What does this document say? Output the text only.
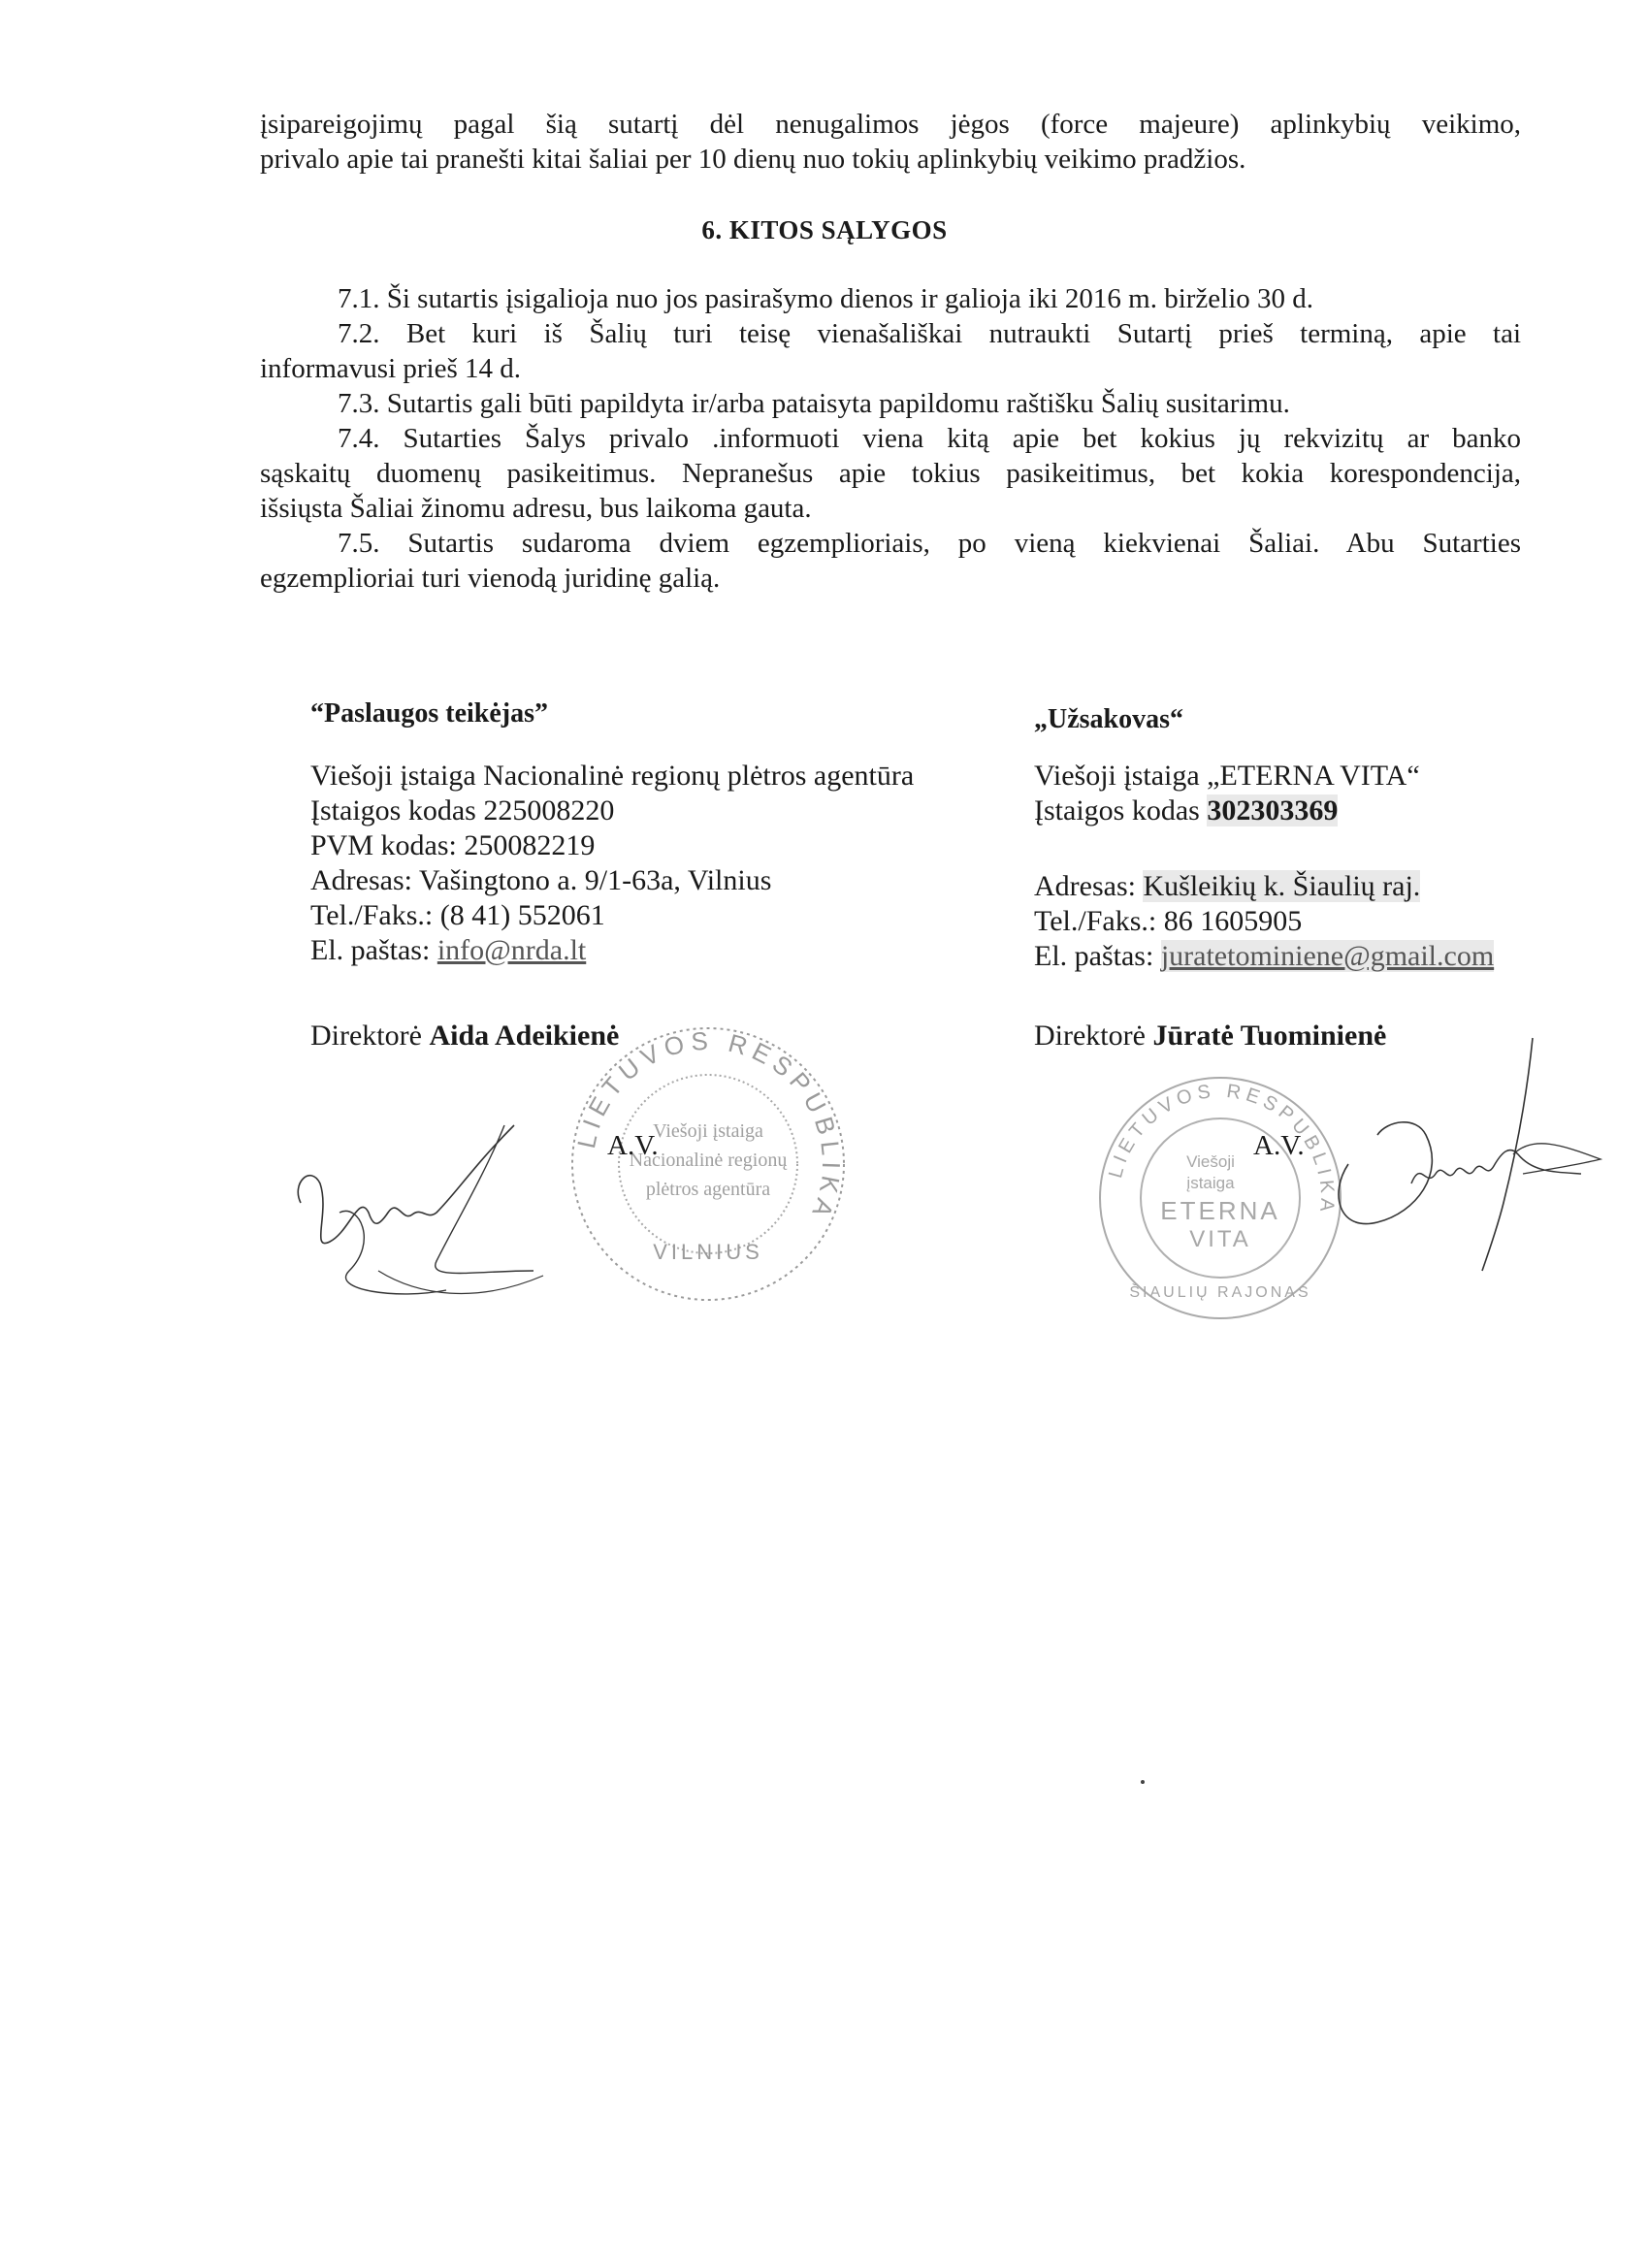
įsipareigojimų pagal šią sutartį dėl nenugalimos jėgos (force majeure) aplinkybių veikimo,
privalo apie tai pranešti kitai šaliai per 10 dienų nuo tokių aplinkybių veikimo pradžios.
6. KITOS SĄLYGOS
7.1. Ši sutartis įsigalioja nuo jos pasirašymo dienos ir galioja iki 2016 m. birželio 30 d.
7.2. Bet kuri iš Šalių turi teisę vienašališkai nutraukti Sutartį prieš terminą, apie tai
informavusi prieš 14 d.
7.3. Sutartis gali būti papildyta ir/arba pataisyta papildomu raštišku Šalių susitarimu.
7.4. Sutarties Šalys privalo .informuoti viena kitą apie bet kokius jų rekvizitų ar banko
sąskaitų duomenų pasikeitimus. Nepranešus apie tokius pasikeitimus, bet kokia korespondencija,
išsiųsta Šaliai žinomu adresu, bus laikoma gauta.
7.5. Sutartis sudaroma dviem egzemplioriais, po vieną kiekvienai Šaliai. Abu Sutarties
egzemplioriai turi vienodą juridinę galią.
“Paslaugos teikėjas”
Viešoji įstaiga Nacionalinė regionų plėtros agentūra
Įstaigos kodas 225008220
PVM kodas: 250082219
Adresas: Vašingtono a. 9/1-63a, Vilnius
Tel./Faks.: (8 41) 552061
El. paštas: info@nrda.lt
Direktorė Aida Adeikienė
„Užsakovas“
Viešoji įstaiga „ETERNA VITA“
Įstaigos kodas 302303369
Adresas: Kušleikių k. Šiaulių raj.
Tel./Faks.: 86 1605905
El. paštas: juratetominiene@gmail.com
Direktorė Jūratė Tuominienė
LIETUVOS RESPUBLIKA
VILNIUS
Viešoji įstaiga
Nacionalinė regionų
plėtros agentūra
A.V.
LIETUVOS RESPUBLIKA
ŠIAULIŲ RAJONAS
Viešoji
įstaiga
ETERNA
VITA
A.V.
